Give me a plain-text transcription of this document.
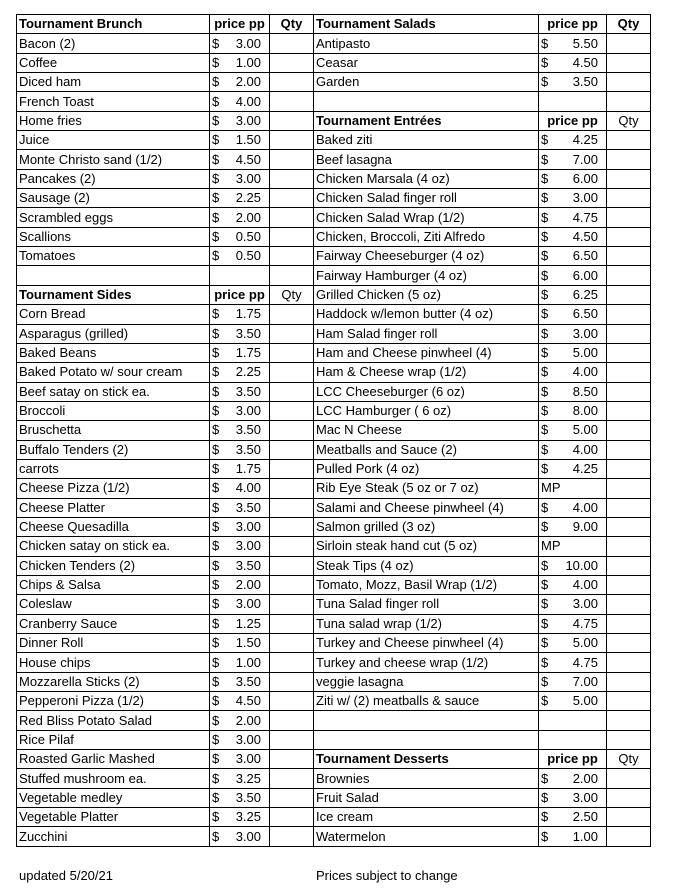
Tournament Brunch	price pp	Qty	Tournament Salads	price pp	Qty
Bacon (2)	$ 3.00		Antipasto	$ 5.50	

Coffee	$ 1.00		Ceasar	$ 4.50	

Diced ham	$ 2.00		Garden	$ 3.50	

French Toast	$ 4.00				

Home fries	$ 3.00		Tournament Entrées	price pp	Qty
Juice	$ 1.50		Baked ziti	$ 4.25	

Monte Christo sand (1/2)	$ 4.50		Beef lasagna	$ 7.00	

Pancakes (2)	$ 3.00		Chicken Marsala (4 oz)	$ 6.00	

Sausage (2)	$ 2.25		Chicken Salad finger roll	$ 3.00	

Scrambled eggs	$ 2.00		Chicken Salad Wrap (1/2)	$ 4.75	

Scallions	$ 0.50		Chicken, Broccoli, Ziti Alfredo	$ 4.50	

Tomatoes	$ 0.50		Fairway Cheeseburger (4 oz)	$ 6.50	

			Fairway Hamburger (4 oz)	$ 6.00	

Tournament Sides	price pp	Qty	Grilled Chicken (5 oz)	$ 6.25	

Corn Bread	$ 1.75		Haddock w/lemon butter (4 oz)	$ 6.50	

Asparagus (grilled)	$ 3.50		Ham Salad finger roll	$ 3.00	

Baked Beans	$ 1.75		Ham and Cheese pinwheel (4)	$ 5.00	

Baked Potato w/ sour cream	$ 2.25		Ham & Cheese wrap (1/2)	$ 4.00	

Beef satay on stick ea.	$ 3.50		LCC Cheeseburger (6 oz)	$ 8.50	

Broccoli	$ 3.00		LCC Hamburger ( 6 oz)	$ 8.00	

Bruschetta	$ 3.50		Mac N Cheese	$ 5.00	

Buffalo Tenders (2)	$ 3.50		Meatballs and Sauce (2)	$ 4.00	

carrots	$ 1.75		Pulled Pork (4 oz)	$ 4.25	

Cheese Pizza (1/2)	$ 4.00		Rib Eye Steak (5 oz or 7 oz)	MP	
Cheese Platter	$ 3.50		Salami and Cheese pinwheel (4)	$ 4.00	

Cheese Quesadilla	$ 3.00		Salmon grilled (3 oz)	$ 9.00	

Chicken satay on stick ea.	$ 3.00		Sirloin steak hand cut (5 oz)	MP	
Chicken Tenders (2)	$ 3.50		Steak Tips (4 oz)	$ 10.00	

Chips & Salsa	$ 2.00		Tomato, Mozz, Basil Wrap (1/2)	$ 4.00	

Coleslaw	$ 3.00		Tuna Salad finger roll	$ 3.00	

Cranberry Sauce	$ 1.25		Tuna salad wrap (1/2)	$ 4.75	

Dinner Roll	$ 1.50		Turkey and Cheese pinwheel (4)	$ 5.00	

House chips	$ 1.00		Turkey and cheese wrap (1/2)	$ 4.75	

Mozzarella Sticks (2)	$ 3.50		veggie lasagna	$ 7.00	

Pepperoni Pizza (1/2)	$ 4.50		Ziti w/ (2) meatballs & sauce	$ 5.00	

Red Bliss Potato Salad	$ 2.00				

Rice Pilaf	$ 3.00				

Roasted Garlic Mashed	$ 3.00		Tournament Desserts	price pp	Qty
Stuffed mushroom ea.	$ 3.25		Brownies	$ 2.00	

Vegetable medley	$ 3.50		Fruit Salad	$ 3.00	

Vegetable Platter	$ 3.25		Ice cream	$ 2.50	

Zucchini	$ 3.00		Watermelon	$ 1.00	

updated 5/20/21	Prices subject to change
